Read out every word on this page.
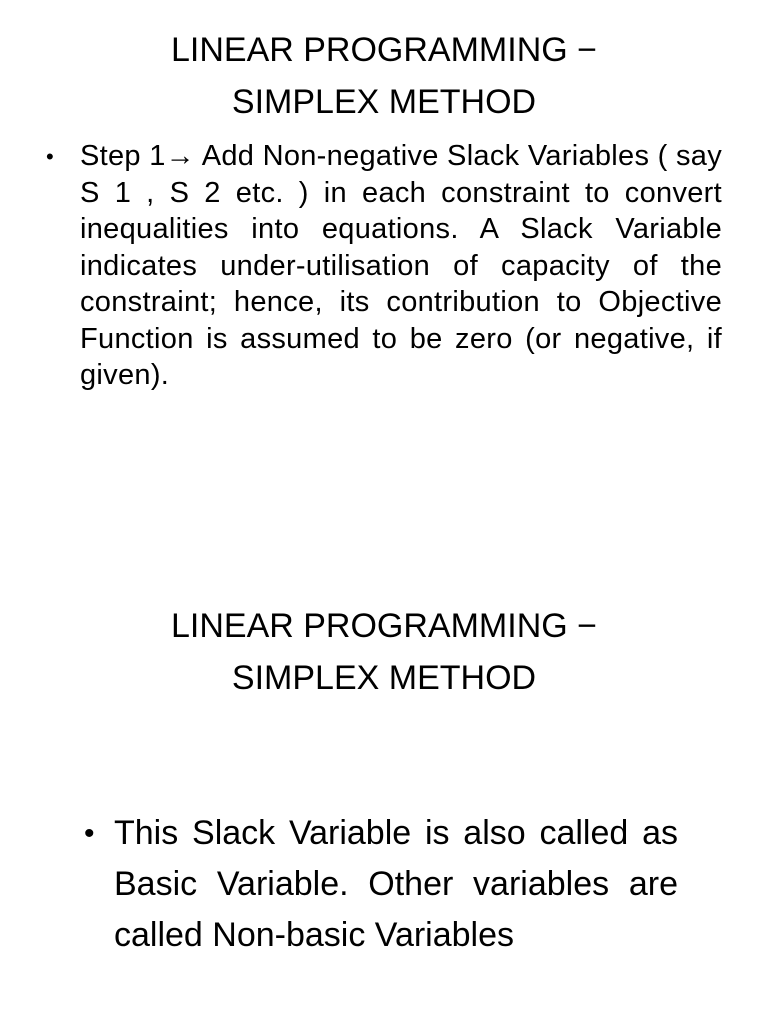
LINEAR PROGRAMMING −
SIMPLEX METHOD
• Step 1→ Add Non-negative Slack Variables ( say S 1 , S 2 etc. ) in each constraint to convert inequalities into equations. A Slack Variable indicates under-utilisation of capacity of the constraint; hence, its contribution to Objective Function is assumed to be zero (or negative, if given).

LINEAR PROGRAMMING −
SIMPLEX METHOD
• This Slack Variable is also called as Basic Variable. Other variables are called Non-basic Variables
